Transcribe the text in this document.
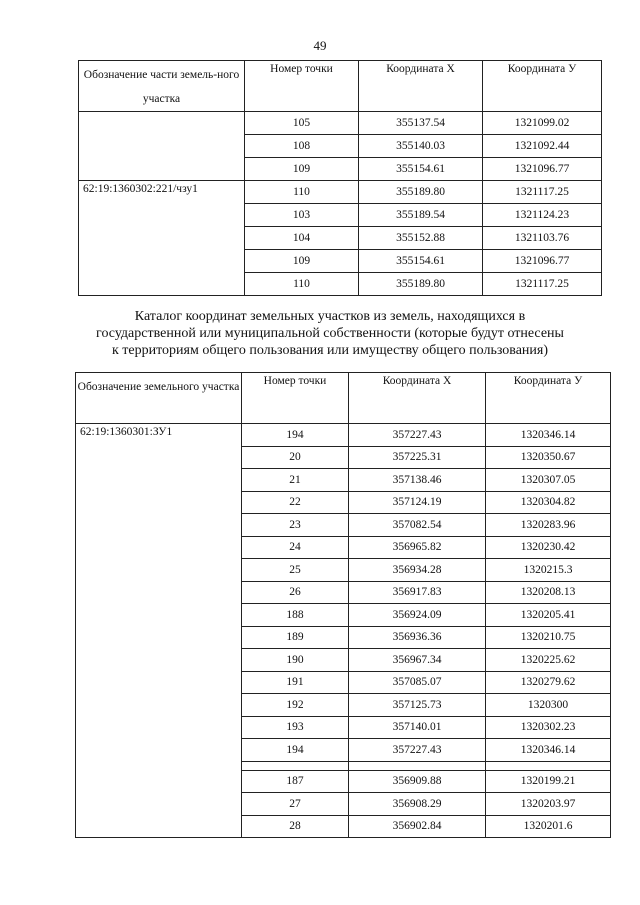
49
Обозначение части земель-ного участка	Номер точки	Координата Х	Координата У
	105	355137.54	1321099.02
	108	355140.03	1321092.44
	109	355154.61	1321096.77
62:19:1360302:221/чзу1	110	355189.80	1321117.25
	103	355189.54	1321124.23
	104	355152.88	1321103.76
	109	355154.61	1321096.77
	110	355189.80	1321117.25
Каталог координат земельных участков из земель, находящихся в
государственной или муниципальной собственности (которые будут отнесены
к территориям общего пользования или имуществу общего пользования)
Обозначение земельного участка	Номер точки	Координата Х	Координата У
62:19:1360301:ЗУ1	194	357227.43	1320346.14
	20	357225.31	1320350.67
	21	357138.46	1320307.05
	22	357124.19	1320304.82
	23	357082.54	1320283.96
	24	356965.82	1320230.42
	25	356934.28	1320215.3
	26	356917.83	1320208.13
	188	356924.09	1320205.41
	189	356936.36	1320210.75
	190	356967.34	1320225.62
	191	357085.07	1320279.62
	192	357125.73	1320300
	193	357140.01	1320302.23
	194	357227.43	1320346.14

	187	356909.88	1320199.21
	27	356908.29	1320203.97
	28	356902.84	1320201.6
